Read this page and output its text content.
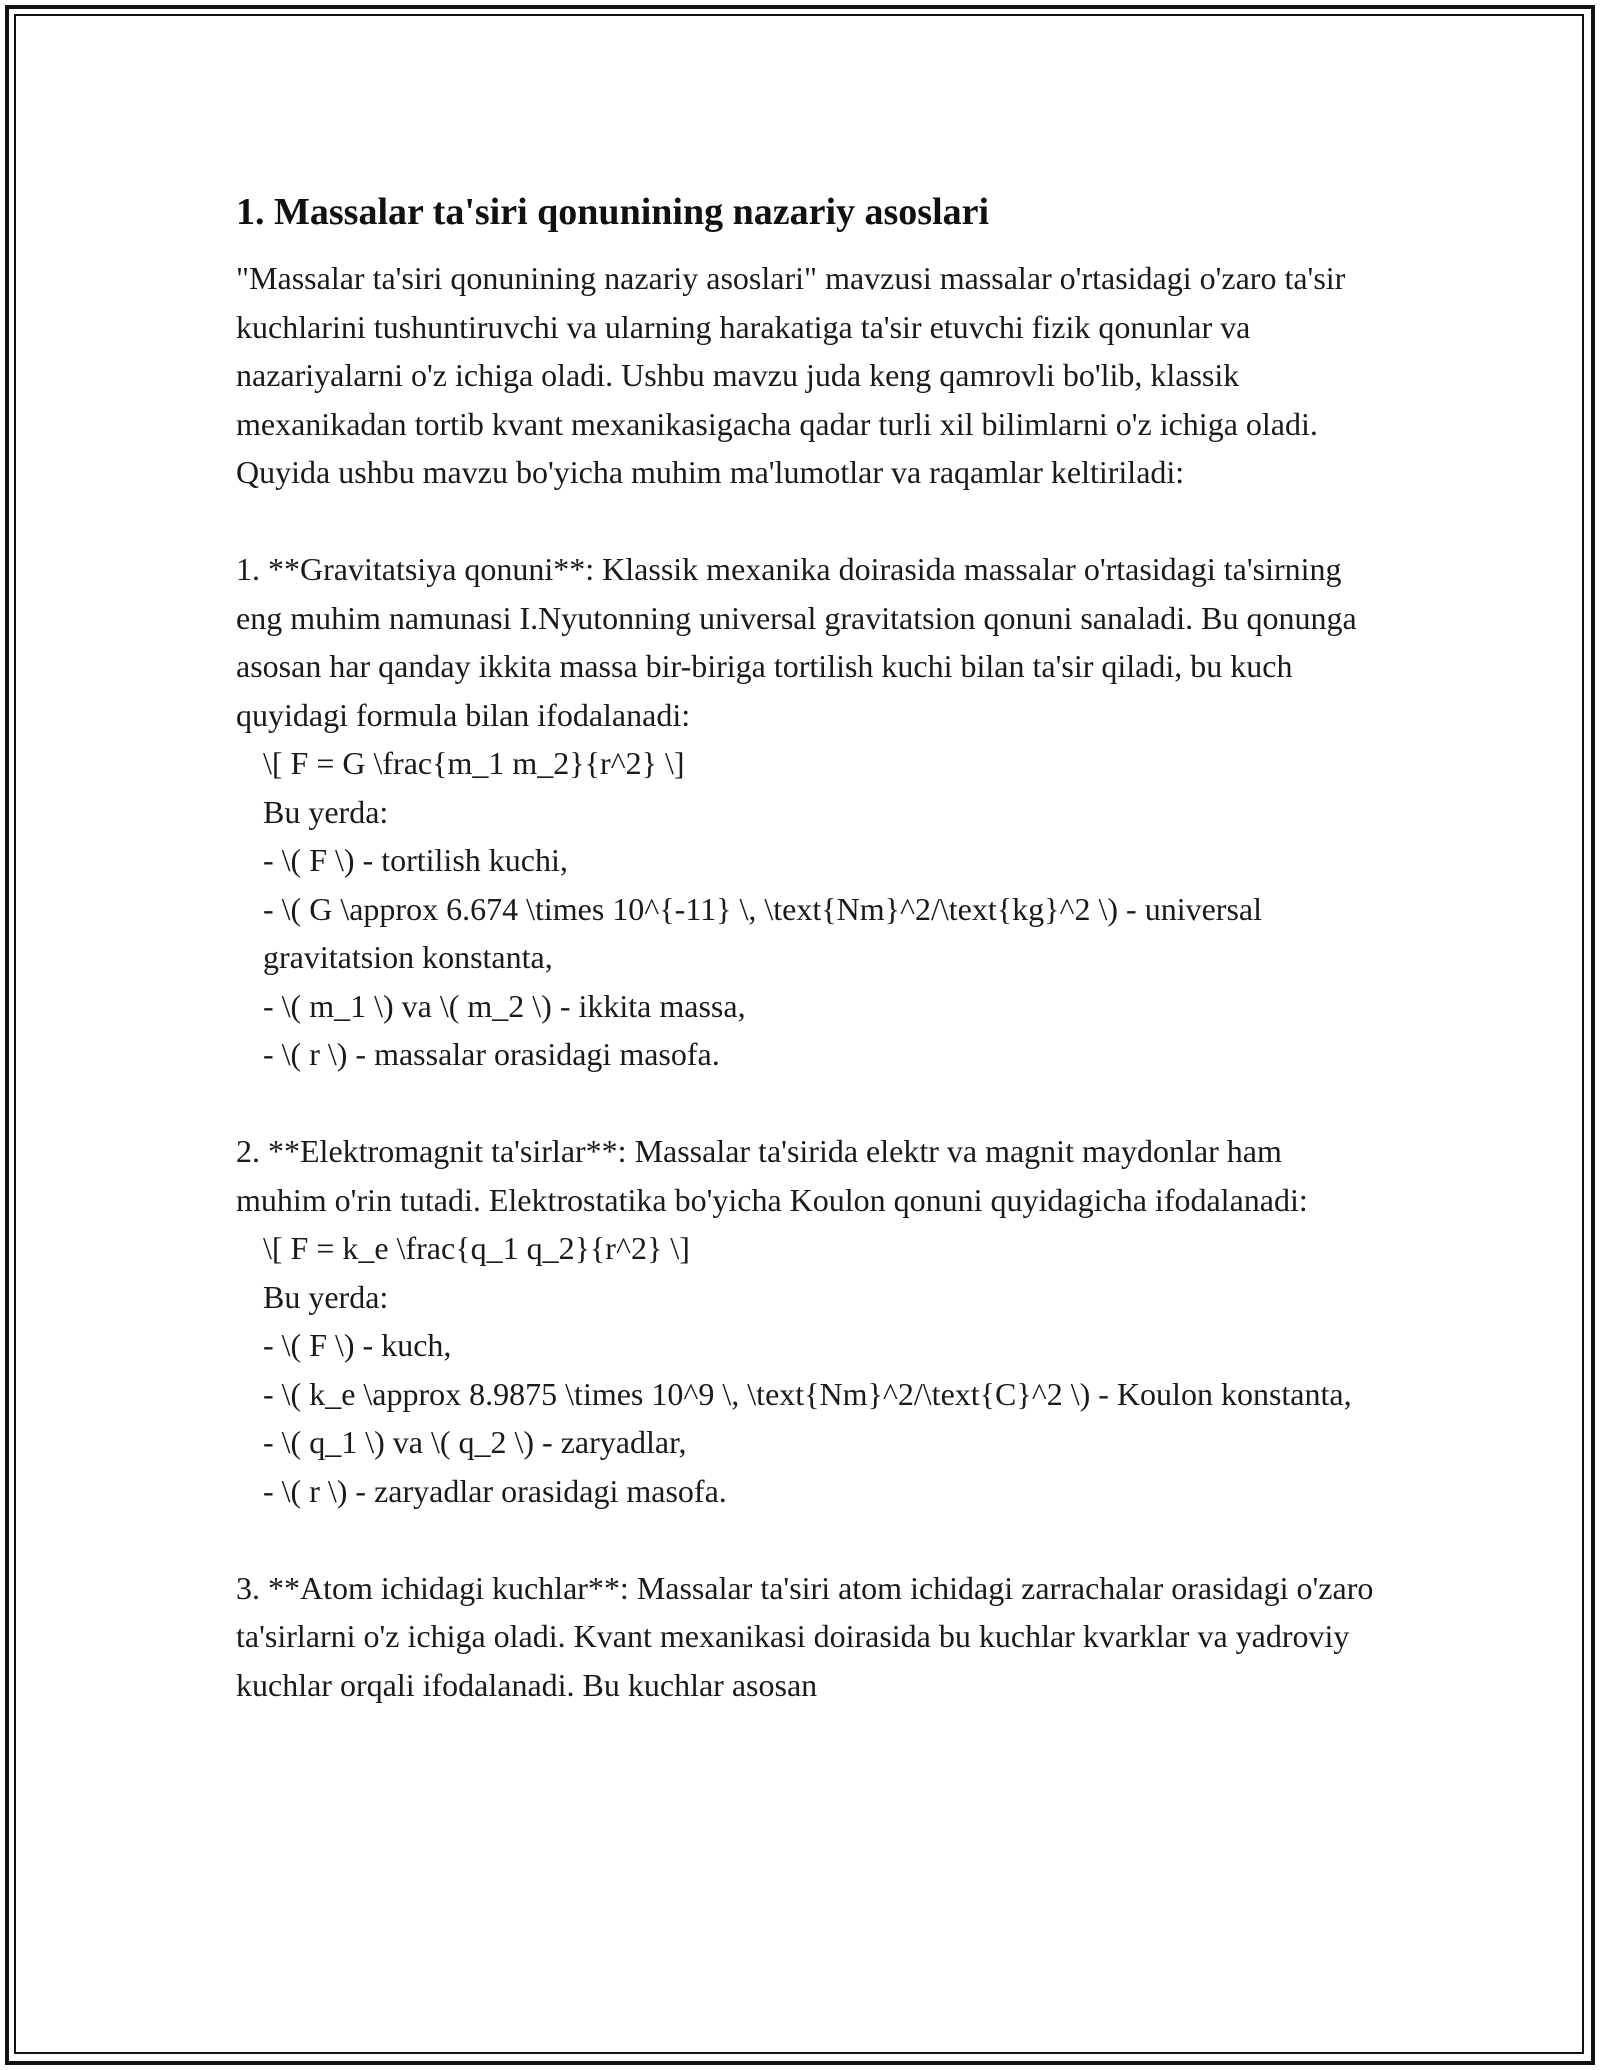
1. Massalar ta'siri qonunining nazariy asoslari

"Massalar ta'siri qonunining nazariy asoslari" mavzusi massalar o'rtasidagi o'zaro ta'sir kuchlarini tushuntiruvchi va ularning harakatiga ta'sir etuvchi fizik qonunlar va nazariyalarni o'z ichiga oladi. Ushbu mavzu juda keng qamrovli bo'lib, klassik mexanikadan tortib kvant mexanikasigacha qadar turli xil bilimlarni o'z ichiga oladi. Quyida ushbu mavzu bo'yicha muhim ma'lumotlar va raqamlar keltiriladi:

1. **Gravitatsiya qonuni**: Klassik mexanika doirasida massalar o'rtasidagi ta'sirning eng muhim namunasi I.Nyutonning universal gravitatsion qonuni sanaladi. Bu qonunga asosan har qanday ikkita massa bir-biriga tortilish kuchi bilan ta'sir qiladi, bu kuch quyidagi formula bilan ifodalanadi:

\[ F = G \frac{m_1 m_2}{r^2} \]

Bu yerda:

- \( F \) - tortilish kuchi,

- \( G \approx 6.674 \times 10^{-11} \, \text{Nm}^2/\text{kg}^2 \) - universal gravitatsion konstanta,

- \( m_1 \) va \( m_2 \) - ikkita massa,

- \( r \) - massalar orasidagi masofa.

2. **Elektromagnit ta'sirlar**: Massalar ta'sirida elektr va magnit maydonlar ham muhim o'rin tutadi. Elektrostatika bo'yicha Koulon qonuni quyidagicha ifodalanadi:

\[ F = k_e \frac{q_1 q_2}{r^2} \]

Bu yerda:

- \( F \) - kuch,

- \( k_e \approx 8.9875 \times 10^9 \, \text{Nm}^2/\text{C}^2 \) - Koulon konstanta,

- \( q_1 \) va \( q_2 \) - zaryadlar,

- \( r \) - zaryadlar orasidagi masofa.

3. **Atom ichidagi kuchlar**: Massalar ta'siri atom ichidagi zarrachalar orasidagi o'zaro ta'sirlarni o'z ichiga oladi. Kvant mexanikasi doirasida bu kuchlar kvarklar va yadroviy kuchlar orqali ifodalanadi. Bu kuchlar asosan
